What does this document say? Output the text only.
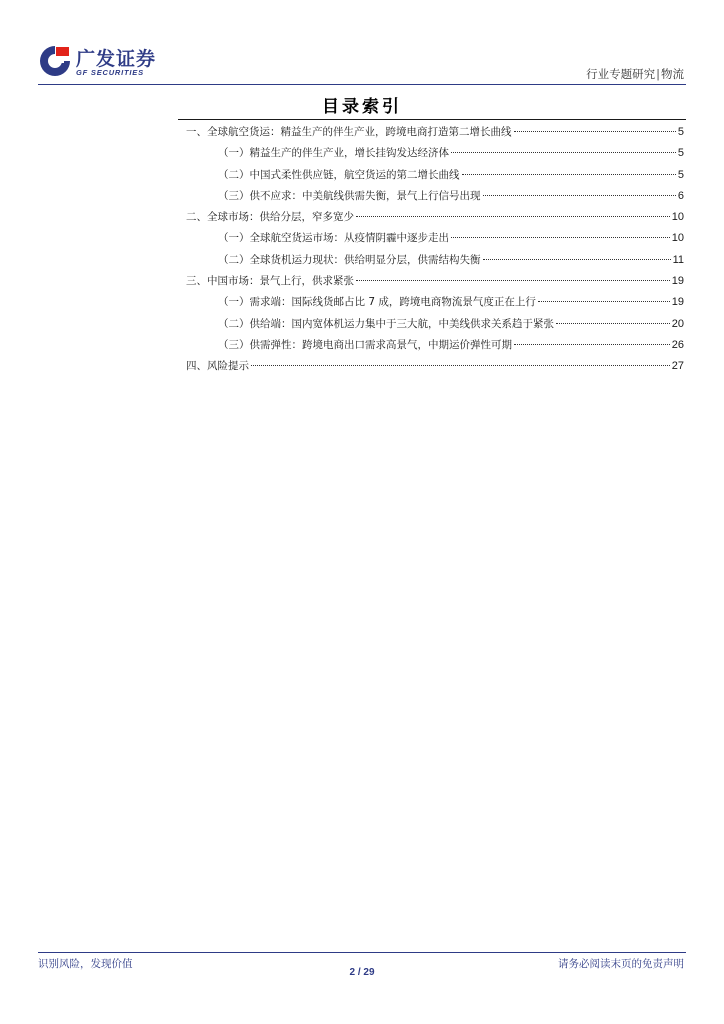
广发证券
GF SECURITIES	行业专题研究|物流
目录索引
一、全球航空货运：精益生产的伴生产业，跨境电商打造第二增长曲线	5
（一）精益生产的伴生产业，增长挂钩发达经济体	5
（二）中国式柔性供应链，航空货运的第二增长曲线	5
（三）供不应求：中美航线供需失衡，景气上行信号出现	6
二、全球市场：供给分层，窄多宽少	10
（一）全球航空货运市场：从疫情阴霾中逐步走出	10
（二）全球货机运力现状：供给明显分层，供需结构失衡	11
三、中国市场：景气上行，供求紧张	19
（一）需求端：国际线货邮占比 7 成，跨境电商物流景气度正在上行	19
（二）供给端：国内宽体机运力集中于三大航，中美线供求关系趋于紧张	20
（三）供需弹性：跨境电商出口需求高景气，中期运价弹性可期	26
四、风险提示	27
识别风险，发现价值	请务必阅读末页的免责声明
2 / 29
